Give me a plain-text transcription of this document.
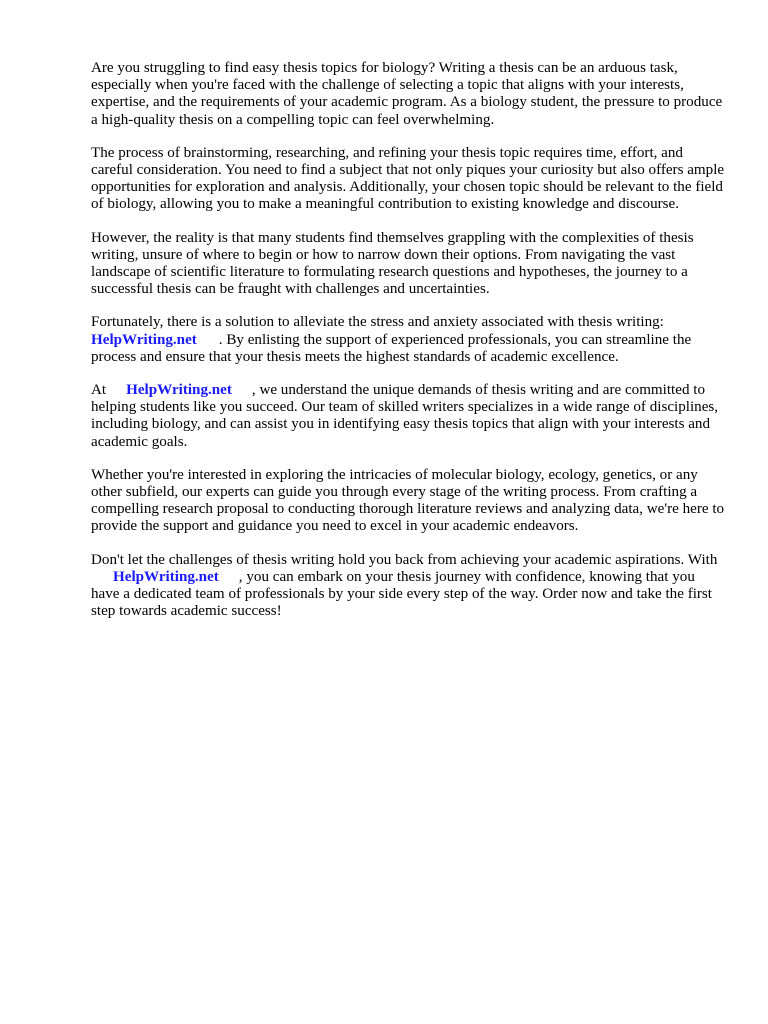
Are you struggling to find easy thesis topics for biology? Writing a thesis can be an arduous task, especially when you're faced with the challenge of selecting a topic that aligns with your interests, expertise, and the requirements of your academic program. As a biology student, the pressure to produce a high-quality thesis on a compelling topic can feel overwhelming.

The process of brainstorming, researching, and refining your thesis topic requires time, effort, and careful consideration. You need to find a subject that not only piques your curiosity but also offers ample opportunities for exploration and analysis. Additionally, your chosen topic should be relevant to the field of biology, allowing you to make a meaningful contribution to existing knowledge and discourse.

However, the reality is that many students find themselves grappling with the complexities of thesis writing, unsure of where to begin or how to narrow down their options. From navigating the vast landscape of scientific literature to formulating research questions and hypotheses, the journey to a successful thesis can be fraught with challenges and uncertainties.

Fortunately, there is a solution to alleviate the stress and anxiety associated with thesis writing:
HelpWriting.net . By enlisting the support of experienced professionals, you can streamline the process and ensure that your thesis meets the highest standards of academic excellence.

At HelpWriting.net , we understand the unique demands of thesis writing and are committed to helping students like you succeed. Our team of skilled writers specializes in a wide range of disciplines, including biology, and can assist you in identifying easy thesis topics that align with your interests and academic goals.

Whether you're interested in exploring the intricacies of molecular biology, ecology, genetics, or any other subfield, our experts can guide you through every stage of the writing process. From crafting a compelling research proposal to conducting thorough literature reviews and analyzing data, we're here to provide the support and guidance you need to excel in your academic endeavors.

Don't let the challenges of thesis writing hold you back from achieving your academic aspirations. WithHelpWriting.net , you can embark on your thesis journey with confidence, knowing that you have a dedicated team of professionals by your side every step of the way. Order now and take the first step towards academic success!
